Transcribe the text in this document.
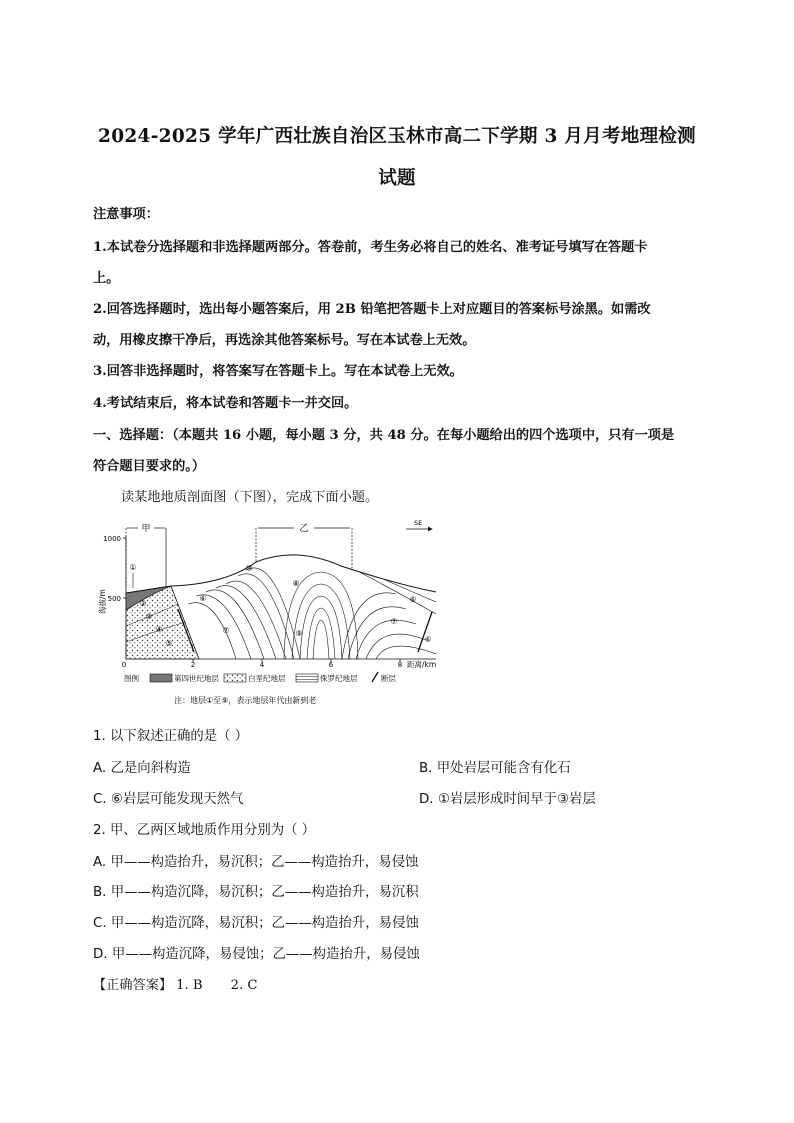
2024-2025 学年广西壮族自治区玉林市高二下学期 3 月月考地理检测
试题
注意事项：
1.本试卷分选择题和非选择题两部分。答卷前，考生务必将自己的姓名、准考证号填写在答题卡
上。
2.回答选择题时，选出每小题答案后，用 2B 铅笔把答题卡上对应题目的答案标号涂黑。如需改
动，用橡皮擦干净后，再选涂其他答案标号。写在本试卷上无效。
3.回答非选择题时，将答案写在答题卡上。写在本试卷上无效。
4.考试结束后，将本试卷和答题卡一并交回。
一、选择题：（本题共 16 小题，每小题 3 分，共 48 分。在每小题给出的四个选项中，只有一项是
符合题目要求的。）
读某地地质剖面图（下图），完成下面小题。
1000
500
0	2	4	6	8 距离/km
海拔/m
甲	乙
SE
①
②
③
④
⑤
⑥
⑦
⑧
⑨
⑩
⑥
⑦
⑥
图例	第四世纪地层	白垩纪地层	侏罗纪地层	断层
注：地层①至⑨，表示地层年代由新到老
1. 以下叙述正确的是（ ）
A. 乙是向斜构造	B. 甲处岩层可能含有化石
C. ⑥岩层可能发现天然气	D. ①岩层形成时间早于③岩层
2. 甲、乙两区域地质作用分别为（ ）
A. 甲——构造抬升，易沉积；乙——构造抬升，易侵蚀
B. 甲——构造沉降，易沉积；乙——构造抬升，易沉积
C. 甲——构造沉降，易沉积；乙——构造抬升，易侵蚀
D. 甲——构造沉降，易侵蚀；乙——构造抬升，易侵蚀
【正确答案】 1. B 2. C
